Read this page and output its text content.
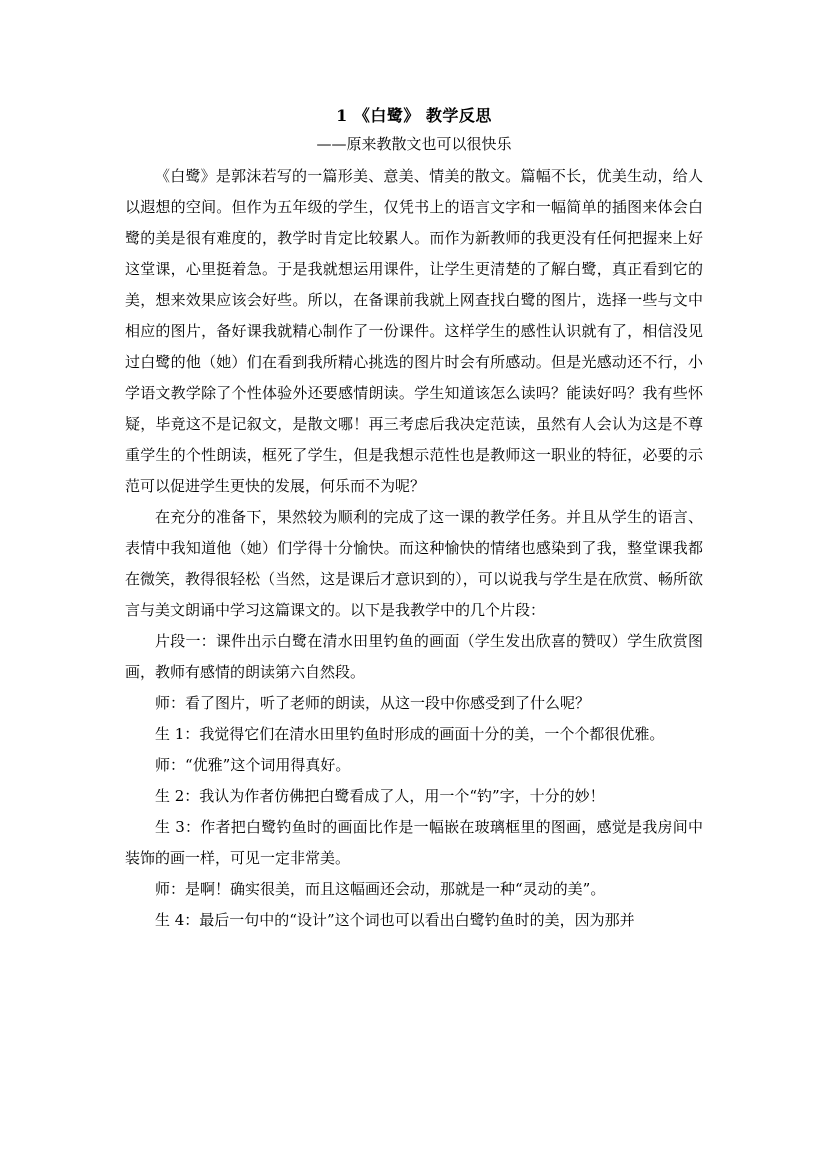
1 《白鹭》 教学反思
——原来教散文也可以很快乐

《白鹭》是郭沫若写的一篇形美、意美、情美的散文。篇幅不长，优美生动，给人以遐想的空间。但作为五年级的学生，仅凭书上的语言文字和一幅简单的插图来体会白鹭的美是很有难度的，教学时肯定比较累人。而作为新教师的我更没有任何把握来上好这堂课，心里挺着急。于是我就想运用课件，让学生更清楚的了解白鹭，真正看到它的美，想来效果应该会好些。所以，在备课前我就上网查找白鹭的图片，选择一些与文中相应的图片，备好课我就精心制作了一份课件。这样学生的感性认识就有了，相信没见过白鹭的他（她）们在看到我所精心挑选的图片时会有所感动。但是光感动还不行，小学语文教学除了个性体验外还要感情朗读。学生知道该怎么读吗？能读好吗？我有些怀疑，毕竟这不是记叙文，是散文哪！再三考虑后我决定范读，虽然有人会认为这是不尊重学生的个性朗读，框死了学生，但是我想示范性也是教师这一职业的特征，必要的示范可以促进学生更快的发展，何乐而不为呢？

在充分的准备下，果然较为顺利的完成了这一课的教学任务。并且从学生的语言、表情中我知道他（她）们学得十分愉快。而这种愉快的情绪也感染到了我，整堂课我都在微笑，教得很轻松（当然，这是课后才意识到的），可以说我与学生是在欣赏、畅所欲言与美文朗诵中学习这篇课文的。以下是我教学中的几个片段：

片段一：课件出示白鹭在清水田里钓鱼的画面（学生发出欣喜的赞叹）学生欣赏图画，教师有感情的朗读第六自然段。

师：看了图片，听了老师的朗读，从这一段中你感受到了什么呢？

生 1：我觉得它们在清水田里钓鱼时形成的画面十分的美，一个个都很优雅。

师：“优雅”这个词用得真好。

生 2：我认为作者仿佛把白鹭看成了人，用一个“钓”字，十分的妙！

生 3：作者把白鹭钓鱼时的画面比作是一幅嵌在玻璃框里的图画，感觉是我房间中装饰的画一样，可见一定非常美。

师：是啊！确实很美，而且这幅画还会动，那就是一种“灵动的美”。

生 4：最后一句中的“设计”这个词也可以看出白鹭钓鱼时的美，因为那并
